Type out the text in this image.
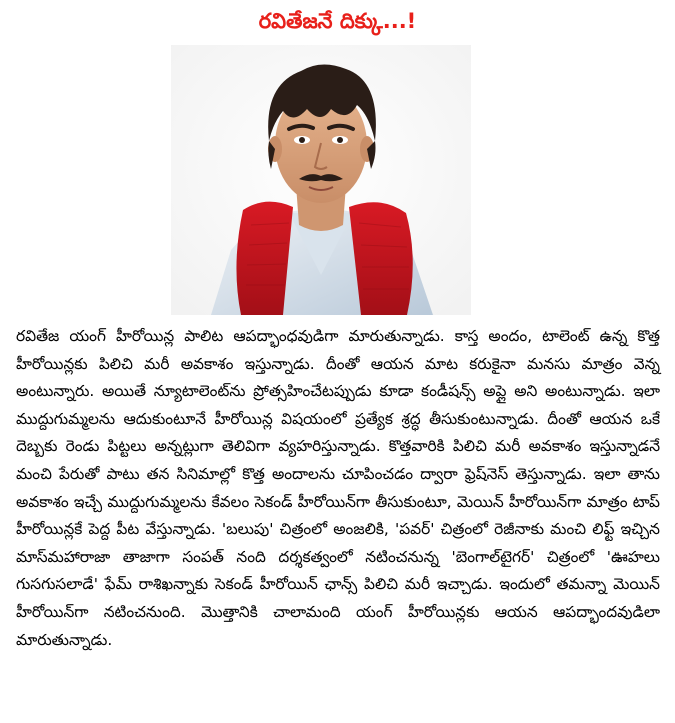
రవితేజనే దిక్కు...!

రవితేజ యంగ్ హీరోయిన్ల పాలిట ఆపద్భాంధవుడిగా మారుతున్నాడు. కాస్త అందం, టాలెంట్ ఉన్న కొత్త హీరోయిన్లకు పిలిచి మరీ అవకాశం ఇస్తున్నాడు. దీంతో ఆయన మాట కరుకైనా మనసు మాత్రం వెన్న అంటున్నారు. అయితే న్యూటాలెంట్‌ను ప్రోత్సహించేటప్పుడు కూడా కండీషన్స్ అప్లై అని అంటున్నాడు. ఇలా ముద్దుగుమ్మలను ఆదుకుంటూనే హీరోయిన్ల విషయంలో ప్రత్యేక శ్రద్ధ తీసుకుంటున్నాడు. దీంతో ఆయన ఒకే దెబ్బకు రెండు పిట్టలు అన్నట్లుగా తెలివిగా వ్యహరిస్తున్నాడు. కొత్తవారికి పిలిచి మరీ అవకాశం ఇస్తున్నాడనే మంచి పేరుతో పాటు తన సినిమాల్లో కొత్త అందాలను చూపించడం ద్వారా ఫ్రెష్‌నెస్ తెస్తున్నాడు. ఇలా తాను అవకాశం ఇచ్చే ముద్దుగుమ్మలను కేవలం సెకండ్ హీరోయిన్‌గా తీసుకుంటూ, మెయిన్ హీరోయిన్‌గా మాత్రం టాప్ హీరోయిన్లకే పెద్ద పీట వేస్తున్నాడు. 'బలుపు' చిత్రంలో అంజలికి, 'పవర్' చిత్రంలో రెజీనాకు మంచి లిఫ్ట్ ఇచ్చిన మాస్‌మహారాజా తాజాగా సంపత్ నంది దర్శకత్వంలో నటించనున్న 'బెంగాల్‌టైగర్' చిత్రంలో 'ఊహలు గుసగుసలాడే' ఫేమ్ రాశిఖన్నాకు సెకండ్ హీరోయిన్ ఛాన్స్ పిలిచి మరీ ఇచ్చాడు. ఇందులో తమన్నా మెయిన్ హీరోయిన్‌గా నటించనుంది. మొత్తానికి చాలామంది యంగ్ హీరోయిన్లకు ఆయన ఆపద్భాందవుడిలా మారుతున్నాడు.
